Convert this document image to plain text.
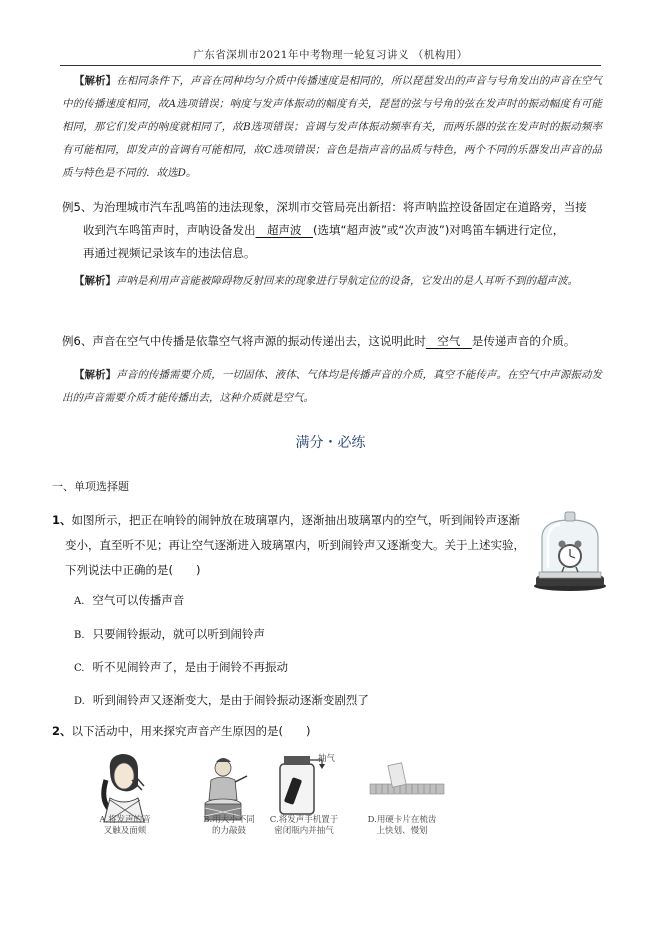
广东省深圳市2021年中考物理一轮复习讲义 （机构用）
【解析】在相同条件下，声音在同种均匀介质中传播速度是相同的，所以琵琶发出的声音与号角发出的声音在空气中的传播速度相同，故A选项错误；响度与发声体振动的幅度有关，琵琶的弦与号角的弦在发声时的振动幅度有可能相同，那它们发声的响度就相同了，故B选项错误；音调与发声体振动频率有关，而两乐器的弦在发声时的振动频率有可能相同，即发声的音调有可能相同，故C选项错误；音色是指声音的品质与特色，两个不同的乐器发出声音的品质与特色是不同的．故选D。
例5、为治理城市汽车乱鸣笛的违法现象，深圳市交管局亮出新招：将声呐监控设备固定在道路旁，当接
收到汽车鸣笛声时，声呐设备发出　超声波　(选填“超声波”或“次声波”)对鸣笛车辆进行定位，
再通过视频记录该车的违法信息。
【解析】声呐是利用声音能被障碍物反射回来的现象进行导航定位的设备，它发出的是人耳听不到的超声波。
例6、声音在空气中传播是依靠空气将声源的振动传递出去，这说明此时　空气　是传递声音的介质。
【解析】声音的传播需要介质，一切固体、液体、气体均是传播声音的介质，真空不能传声。在空气中声源振动发出的声音需要介质才能传播出去，这种介质就是空气。
满分・必练
一、单项选择题
1、如图所示，把正在响铃的闹钟放在玻璃罩内，逐渐抽出玻璃罩内的空气，听到闹铃声逐渐
变小，直至听不见；再让空气逐渐进入玻璃罩内，听到闹铃声又逐渐变大。关于上述实验，
下列说法中正确的是(　　)
A. 空气可以传播声音
B. 只要闹铃振动，就可以听到闹铃声
C. 听不见闹铃声了，是由于闹铃不再振动
D. 听到闹铃声又逐渐变大，是由于闹铃振动逐渐变剧烈了
2、以下活动中，用来探究声音产生原因的是(　　)
A.将发声的音
叉触及面颊
B.用大小不同
的力敲鼓
抽气
C.将发声手机置于
密闭瓶内并抽气
D.用硬卡片在梳齿
上快划、慢划
